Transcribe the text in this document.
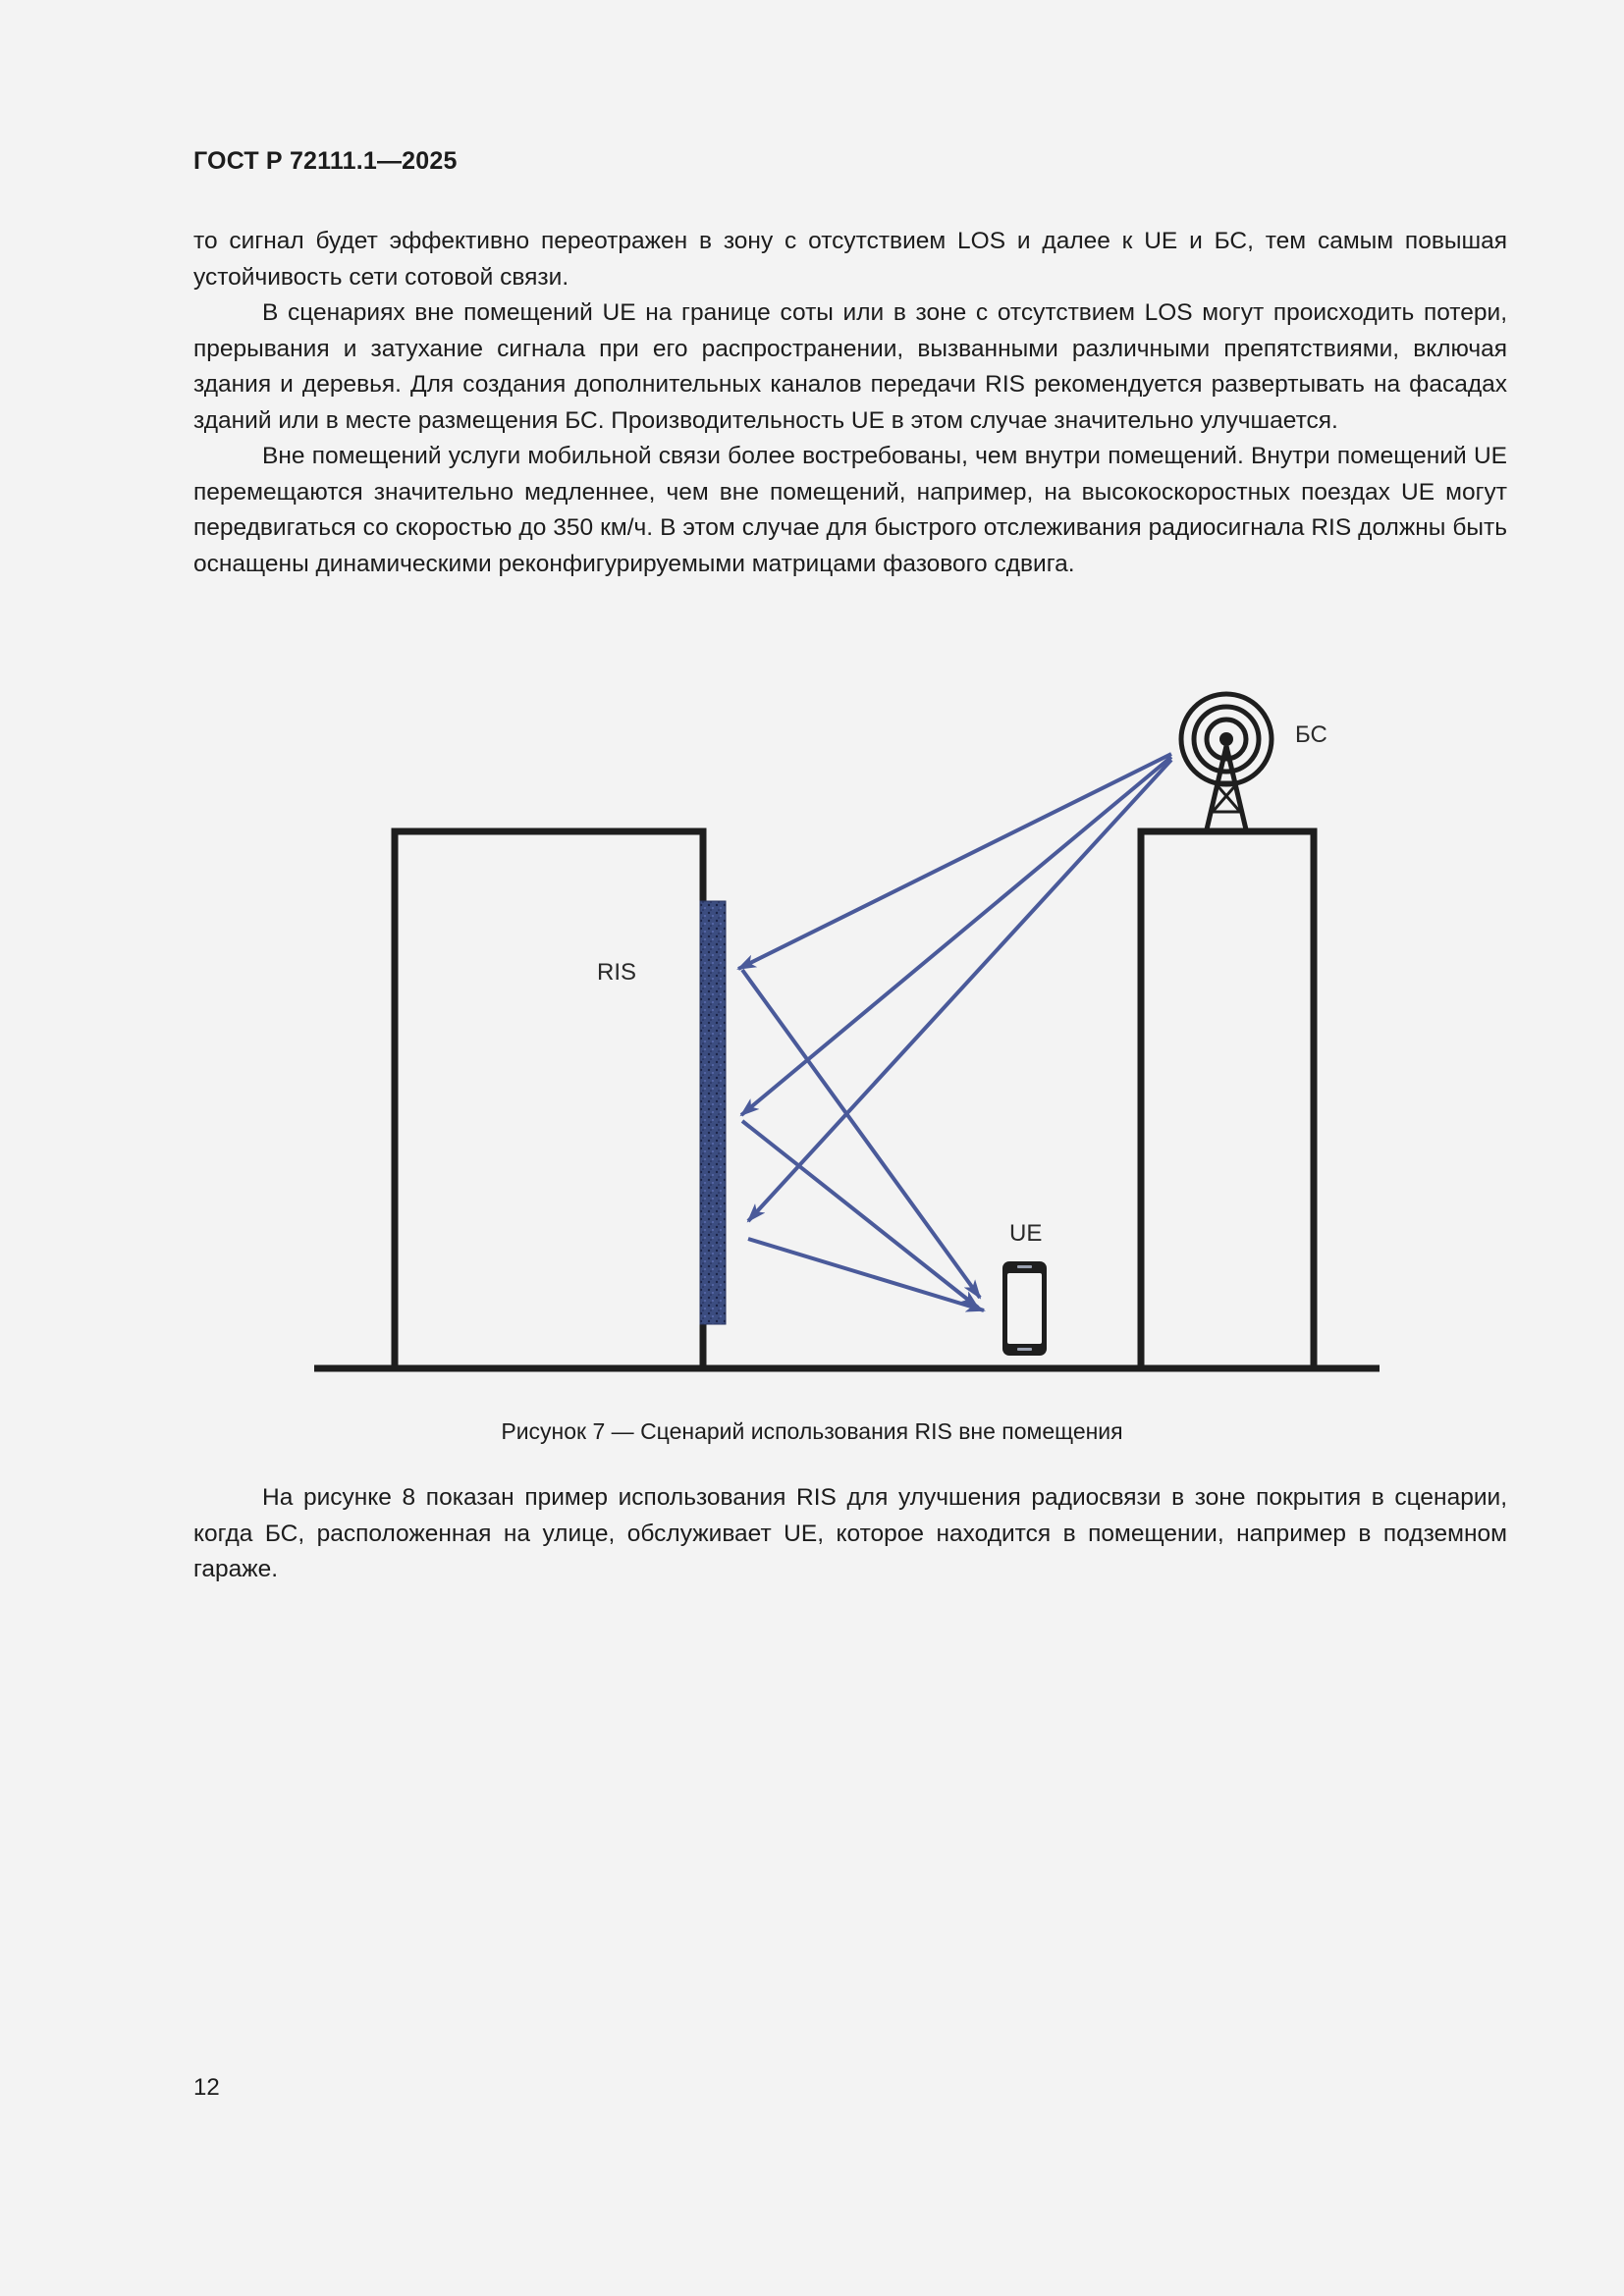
ГОСТ Р 72111.1—2025

то сигнал будет эффективно переотражен в зону с отсутствием LOS и далее к UE и БС, тем самым повышая устойчивость сети сотовой связи.

В сценариях вне помещений UE на границе соты или в зоне с отсутствием LOS могут происходить потери, прерывания и затухание сигнала при его распространении, вызванными различными препятствиями, включая здания и деревья. Для создания дополнительных каналов передачи RIS рекомендуется развертывать на фасадах зданий или в месте размещения БС. Производительность UE в этом случае значительно улучшается.

Вне помещений услуги мобильной связи более востребованы, чем внутри помещений. Внутри помещений UE перемещаются значительно медленнее, чем вне помещений, например, на высокоскоростных поездах UE могут передвигаться со скоростью до 350 км/ч. В этом случае для быстрого отслеживания радиосигнала RIS должны быть оснащены динамическими реконфигурируемыми матрицами фазового сдвига.

БС
RIS
UE
Рисунок 7 — Сценарий использования RIS вне помещения

На рисунке 8 показан пример использования RIS для улучшения радиосвязи в зоне покрытия в сценарии, когда БС, расположенная на улице, обслуживает UE, которое находится в помещении, например в подземном гараже.

12
